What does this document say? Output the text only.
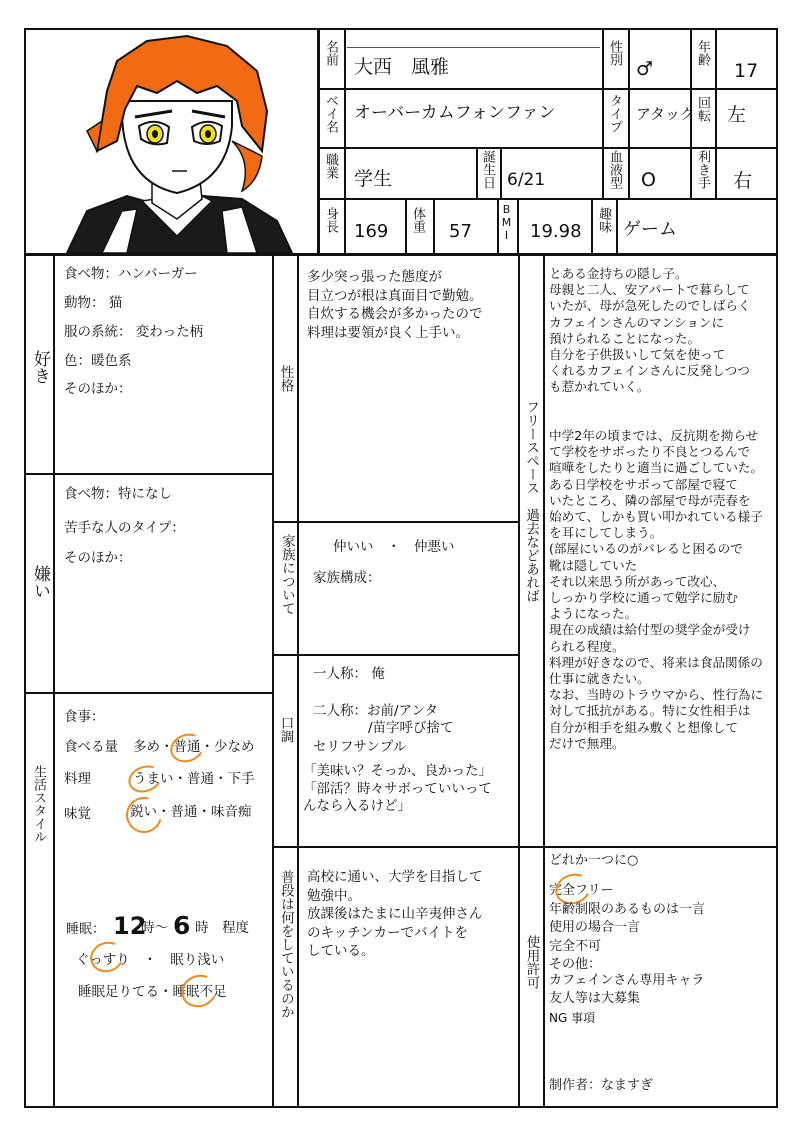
名前
大西　風雅
性別
♂
年齢
17
ベイ名 オーバーカムフォンファン	タイプ アタック 回転 左
職業 学生	誕生日 6/21	血液型 O	利き手 右
身長 169 体重 57	BMI 19.98 趣味 ゲーム
好き
食べ物：ハンバーガー
動物： 猫
服の系統： 変わった柄
色：暖色系
そのほか：
嫌い
食べ物：特になし
苦手な人のタイプ：
そのほか：
生活スタイル
食事：
食べる量 多め・普通・少なめ
料理	うまい・普通・下手
味覚	鋭い・普通・味音痴
睡眠： 12
時〜 6 時　程度
ぐっすり　・　眠り浅い
睡眠足りてる・睡眠不足
性格
多少突っ張った態度が
目立つが根は真面目で勤勉。
自炊する機会が多かったので
料理は要領が良く上手い。
家族について	仲いい　・　仲悪い
家族構成：
口調
一人称： 俺
二人称：お前/アンタ
/苗字呼び捨て
セリフサンプル
「美味い？そっか、良かった」
「部活？時々サボっていいって
んなら入るけど」
普段は何をしているのか 高校に通い、大学を目指して
勉強中。
放課後はたまに山辛夷伸さん
のキッチンカーでバイトを
している。
フリースペース　過去などあれば
とある金持ちの隠し子。
母親と二人、安アパートで暮らして
いたが、母が急死したのでしばらく
カフェインさんのマンションに
預けられることになった。
自分を子供扱いして気を使って
くれるカフェインさんに反発しつつ
も惹かれていく。

中学2年の頃までは、反抗期を拗らせ
て学校をサボったり不良とつるんで
喧嘩をしたりと適当に過ごしていた。
ある日学校をサボって部屋で寝て
いたところ、隣の部屋で母が売春を
始めて、しかも買い叩かれている様子
を耳にしてしまう。
(部屋にいるのがバレると困るので
靴は隠していた
それ以来思う所があって改心、
しっかり学校に通って勉学に励む
ようになった。
現在の成績は給付型の奨学金が受け
られる程度。
料理が好きなので、将来は食品関係の
仕事に就きたい。
なお、当時のトラウマから、性行為に
対して抵抗がある。特に女性相手は
自分が相手を組み敷くと想像して
だけで無理。
使用許可
どれか一つに○
完全フリー
年齢制限のあるものは一言
使用の場合一言
完全不可
その他：
カフェインさん専用キャラ
友人等は大募集
NG 事項
制作者：なますぎ
